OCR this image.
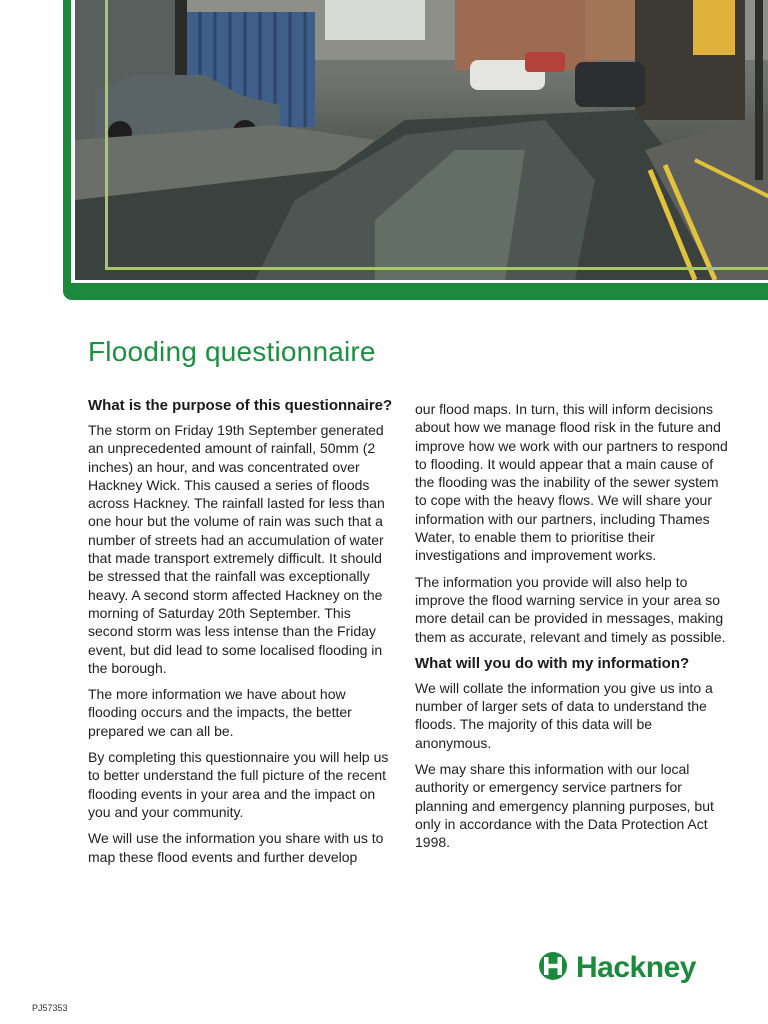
Flooding questionnaire
What is the purpose of this questionnaire?

The storm on Friday 19th September generated an unprecedented amount of rainfall, 50mm (2 inches) an hour, and was concentrated over Hackney Wick. This caused a series of floods across Hackney. The rainfall lasted for less than one hour but the volume of rain was such that a number of streets had an accumulation of water that made transport extremely difficult. It should be stressed that the rainfall was exceptionally heavy. A second storm affected Hackney on the morning of Saturday 20th September. This second storm was less intense than the Friday event, but did lead to some localised flooding in the borough.

The more information we have about how flooding occurs and the impacts, the better prepared we can all be.

By completing this questionnaire you will help us to better understand the full picture of the recent flooding events in your area and the impact on you and your community.

We will use the information you share with us to map these flood events and further develop

our flood maps. In turn, this will inform decisions about how we manage flood risk in the future and improve how we work with our partners to respond to flooding. It would appear that a main cause of the flooding was the inability of the sewer system to cope with the heavy flows. We will share your information with our partners, including Thames Water, to enable them to prioritise their investigations and improvement works.

The information you provide will also help to improve the flood warning service in your area so more detail can be provided in messages, making them as accurate, relevant and timely as possible.

What will you do with my information?

We will collate the information you give us into a number of larger sets of data to understand the floods. The majority of this data will be anonymous.

We may share this information with our local authority or emergency service partners for planning and emergency planning purposes, but only in accordance with the Data Protection Act 1998.

Hackney
PJ57353
